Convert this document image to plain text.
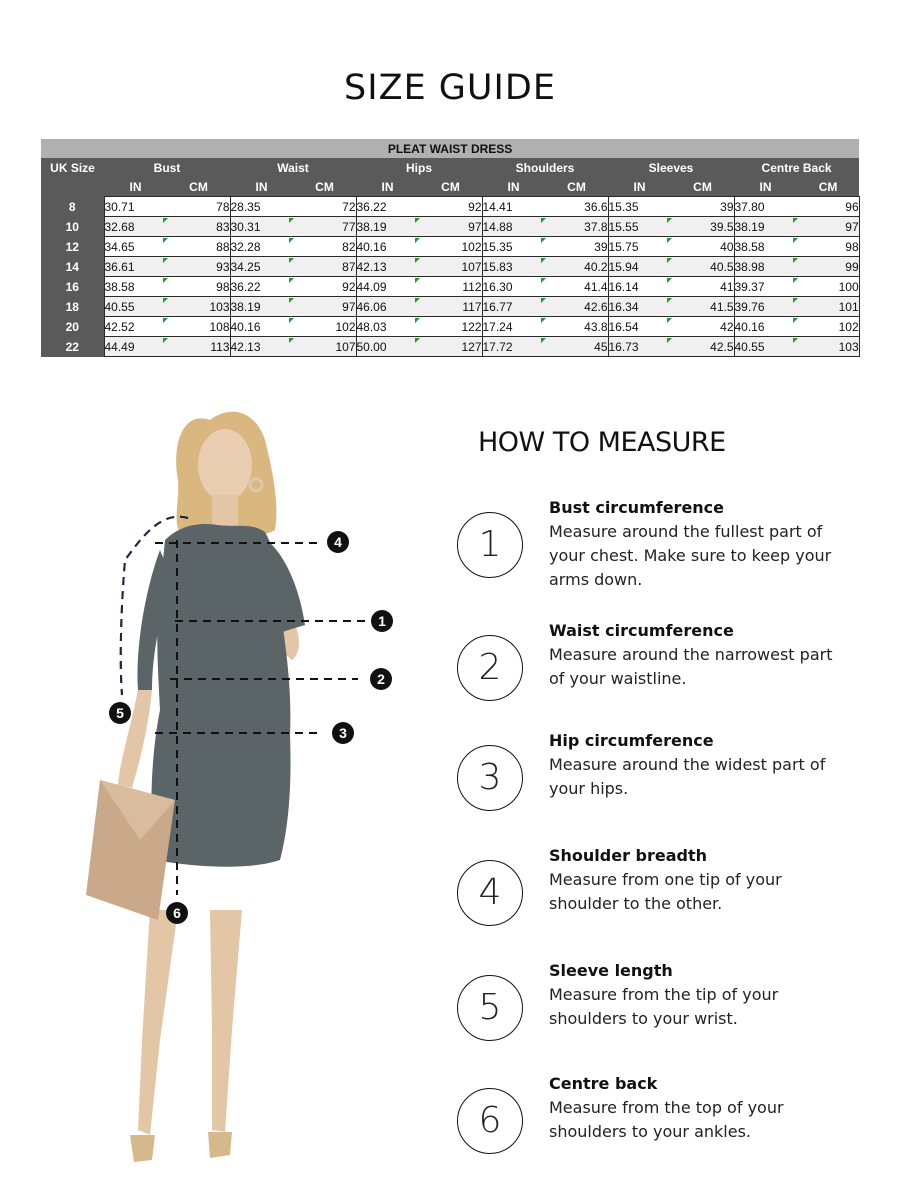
SIZE GUIDE
PLEAT WAIST DRESS												
UK Size	Bust		Waist		Hips		Shoulders		Sleeves		Centre Back	
	IN	CM	IN	CM	IN	CM	IN	CM	IN	CM	IN	CM
8	30.71	78	28.35	72	36.22	92	14.41	36.6	15.35	39	37.80	96
10	32.68	83	30.31	77	38.19	97	14.88	37.8	15.55	39.5	38.19	97
12	34.65	88	32.28	82	40.16	102	15.35	39	15.75	40	38.58	98
14	36.61	93	34.25	87	42.13	107	15.83	40.2	15.94	40.5	38.98	99
16	38.58	98	36.22	92	44.09	112	16.30	41.4	16.14	41	39.37	100
18	40.55	103	38.19	97	46.06	117	16.77	42.6	16.34	41.5	39.76	101
20	42.52	108	40.16	102	48.03	122	17.24	43.8	16.54	42	40.16	102
22	44.49	113	42.13	107	50.00	127	17.72	45	16.73	42.5	40.55	103
4
1
2
5
3
6
HOW TO MEASURE
1
Bust circumference
Measure around the fullest part of your chest. Make sure to keep your arms down.
2
Waist circumference
Measure around the narrowest part of your waistline.
3
Hip circumference
Measure around the widest part of your hips.
4
Shoulder breadth
Measure from one tip of your shoulder to the other.
5
Sleeve length
Measure from the tip of your shoulders to your wrist.
6
Centre back
Measure from the top of your shoulders to your ankles.
